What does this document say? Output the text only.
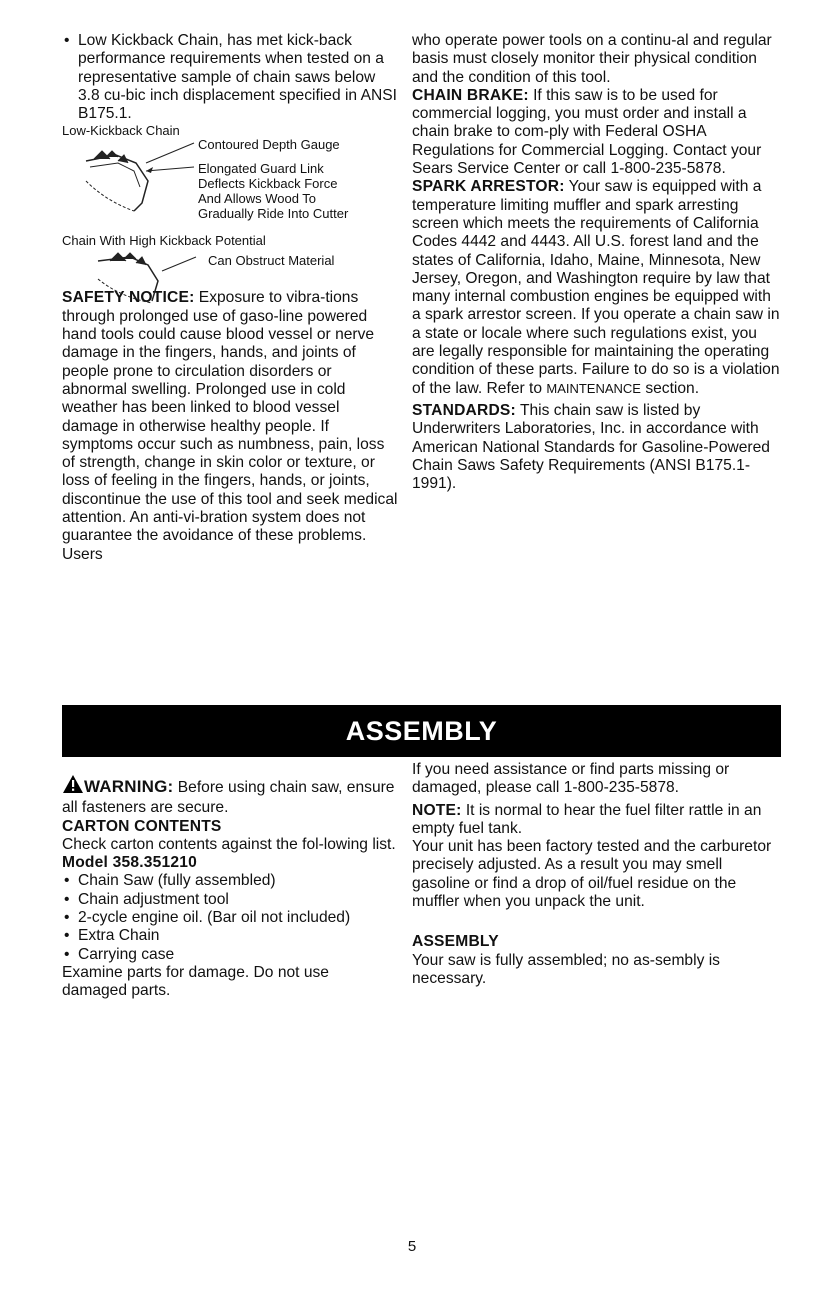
• Low Kickback Chain, has met kick-back performance requirements when tested on a representative sample of chain saws below 3.8 cu-bic inch displacement specified in ANSI B175.1.

Low-Kickback Chain
Contoured Depth Gauge
Elongated Guard Link
Deflects Kickback Force
And Allows Wood To
Gradually Ride Into Cutter
Chain With High Kickback Potential
Can Obstruct Material

SAFETY NOTICE: Exposure to vibra-tions through prolonged use of gaso-line powered hand tools could cause blood vessel or nerve damage in the fingers, hands, and joints of people prone to circulation disorders or abnormal swelling. Prolonged use in cold weather has been linked to blood vessel damage in otherwise healthy people. If symptoms occur such as numbness, pain, loss of strength, change in skin color or texture, or loss of feeling in the fingers, hands, or joints, discontinue the use of this tool and seek medical attention. An anti-vi-bration system does not guarantee the avoidance of these problems. Users

who operate power tools on a continu-al and regular basis must closely monitor their physical condition and the condition of this tool.

CHAIN BRAKE: If this saw is to be used for commercial logging, you must order and install a chain brake to com-ply with Federal OSHA Regulations for Commercial Logging. Contact your Sears Service Center or call 1-800-235-5878.

SPARK ARRESTOR: Your saw is equipped with a temperature limiting muffler and spark arresting screen which meets the requirements of California Codes 4442 and 4443. All U.S. forest land and the states of California, Idaho, Maine, Minnesota, New Jersey, Oregon, and Washington require by law that many internal combustion engines be equipped with a spark arrestor screen. If you operate a chain saw in a state or locale where such regulations exist, you are legally responsible for maintaining the operating condition of these parts. Failure to do so is a violation of the law. Refer to MAINTENANCE section.

STANDARDS: This chain saw is listed by Underwriters Laboratories, Inc. in accordance with American National Standards for Gasoline-Powered Chain Saws Safety Requirements (ANSI B175.1-1991).

ASSEMBLY

WARNING: Before using chain saw, ensure all fasteners are secure.

CARTON CONTENTS

Check carton contents against the fol-lowing list.

Model 358.351210

• Chain Saw (fully assembled)

• Chain adjustment tool

• 2-cycle engine oil. (Bar oil not included)

• Extra Chain

• Carrying case

Examine parts for damage. Do not use damaged parts.

If you need assistance or find parts missing or damaged, please call 1-800-235-5878.

NOTE: It is normal to hear the fuel filter rattle in an empty fuel tank.

Your unit has been factory tested and the carburetor precisely adjusted. As a result you may smell gasoline or find a drop of oil/fuel residue on the muffler when you unpack the unit.

ASSEMBLY

Your saw is fully assembled; no as-sembly is necessary.

5
